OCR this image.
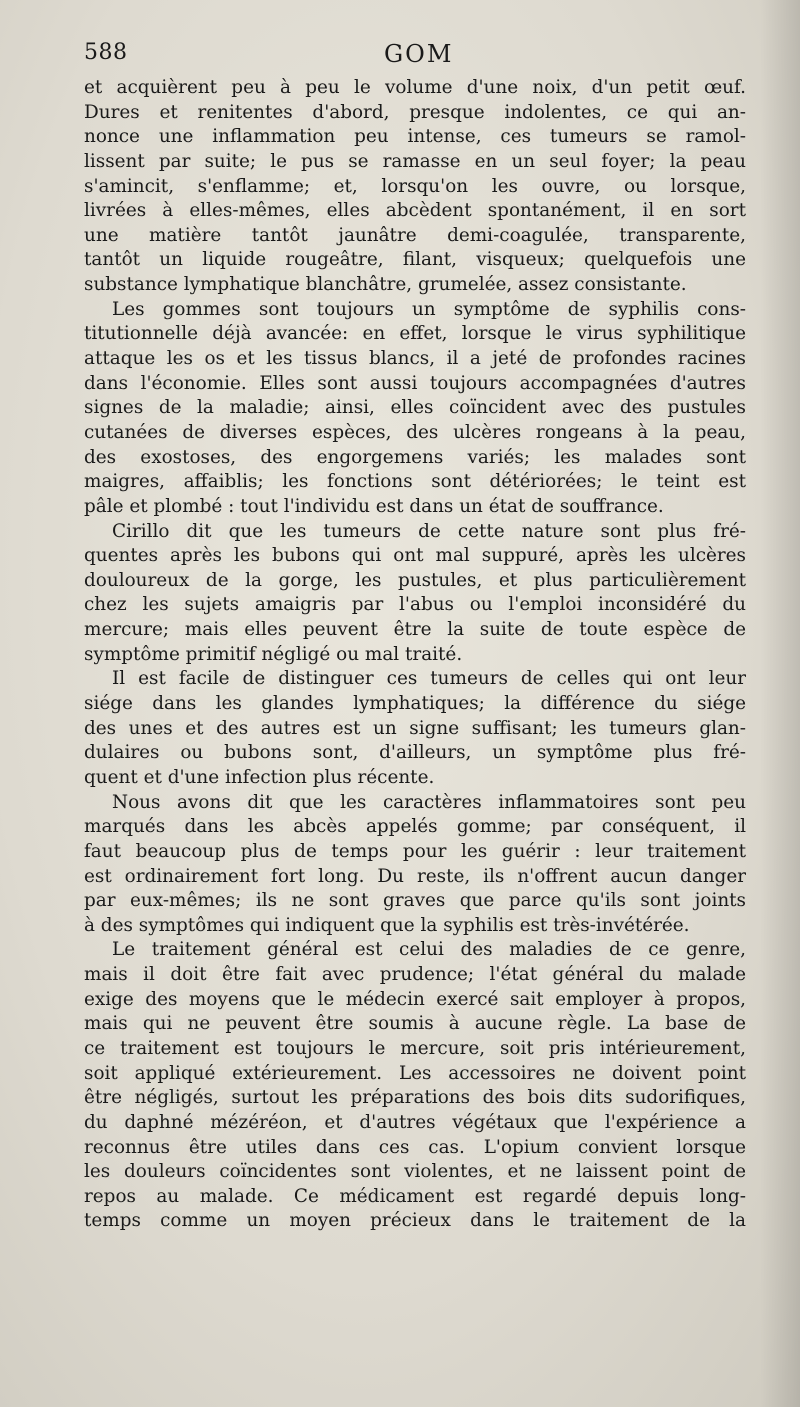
588	GOM
et acquièrent peu à peu le volume d'une noix, d'un petit œuf.
Dures et renitentes d'abord, presque indolentes, ce qui an-
nonce une inflammation peu intense, ces tumeurs se ramol-
lissent par suite; le pus se ramasse en un seul foyer; la peau
s'amincit, s'enflamme; et, lorsqu'on les ouvre, ou lorsque,
livrées à elles-mêmes, elles abcèdent spontanément, il en sort
une matière tantôt jaunâtre demi-coagulée, transparente,
tantôt un liquide rougeâtre, filant, visqueux; quelquefois une
substance lymphatique blanchâtre, grumelée, assez consistante.
Les gommes sont toujours un symptôme de syphilis cons-
titutionnelle déjà avancée: en effet, lorsque le virus syphilitique
attaque les os et les tissus blancs, il a jeté de profondes racines
dans l'économie. Elles sont aussi toujours accompagnées d'autres
signes de la maladie; ainsi, elles coïncident avec des pustules
cutanées de diverses espèces, des ulcères rongeans à la peau,
des exostoses, des engorgemens variés; les malades sont
maigres, affaiblis; les fonctions sont détériorées; le teint est
pâle et plombé : tout l'individu est dans un état de souffrance.
Cirillo dit que les tumeurs de cette nature sont plus fré-
quentes après les bubons qui ont mal suppuré, après les ulcères
douloureux de la gorge, les pustules, et plus particulièrement
chez les sujets amaigris par l'abus ou l'emploi inconsidéré du
mercure; mais elles peuvent être la suite de toute espèce de
symptôme primitif négligé ou mal traité.
Il est facile de distinguer ces tumeurs de celles qui ont leur
siége dans les glandes lymphatiques; la différence du siége
des unes et des autres est un signe suffisant; les tumeurs glan-
dulaires ou bubons sont, d'ailleurs, un symptôme plus fré-
quent et d'une infection plus récente.
Nous avons dit que les caractères inflammatoires sont peu
marqués dans les abcès appelés gomme; par conséquent, il
faut beaucoup plus de temps pour les guérir : leur traitement
est ordinairement fort long. Du reste, ils n'offrent aucun danger
par eux-mêmes; ils ne sont graves que parce qu'ils sont joints
à des symptômes qui indiquent que la syphilis est très-invétérée.
Le traitement général est celui des maladies de ce genre,
mais il doit être fait avec prudence; l'état général du malade
exige des moyens que le médecin exercé sait employer à propos,
mais qui ne peuvent être soumis à aucune règle. La base de
ce traitement est toujours le mercure, soit pris intérieurement,
soit appliqué extérieurement. Les accessoires ne doivent point
être négligés, surtout les préparations des bois dits sudorifiques,
du daphné mézéréon, et d'autres végétaux que l'expérience a
reconnus être utiles dans ces cas. L'opium convient lorsque
les douleurs coïncidentes sont violentes, et ne laissent point de
repos au malade. Ce médicament est regardé depuis long-
temps comme un moyen précieux dans le traitement de la
